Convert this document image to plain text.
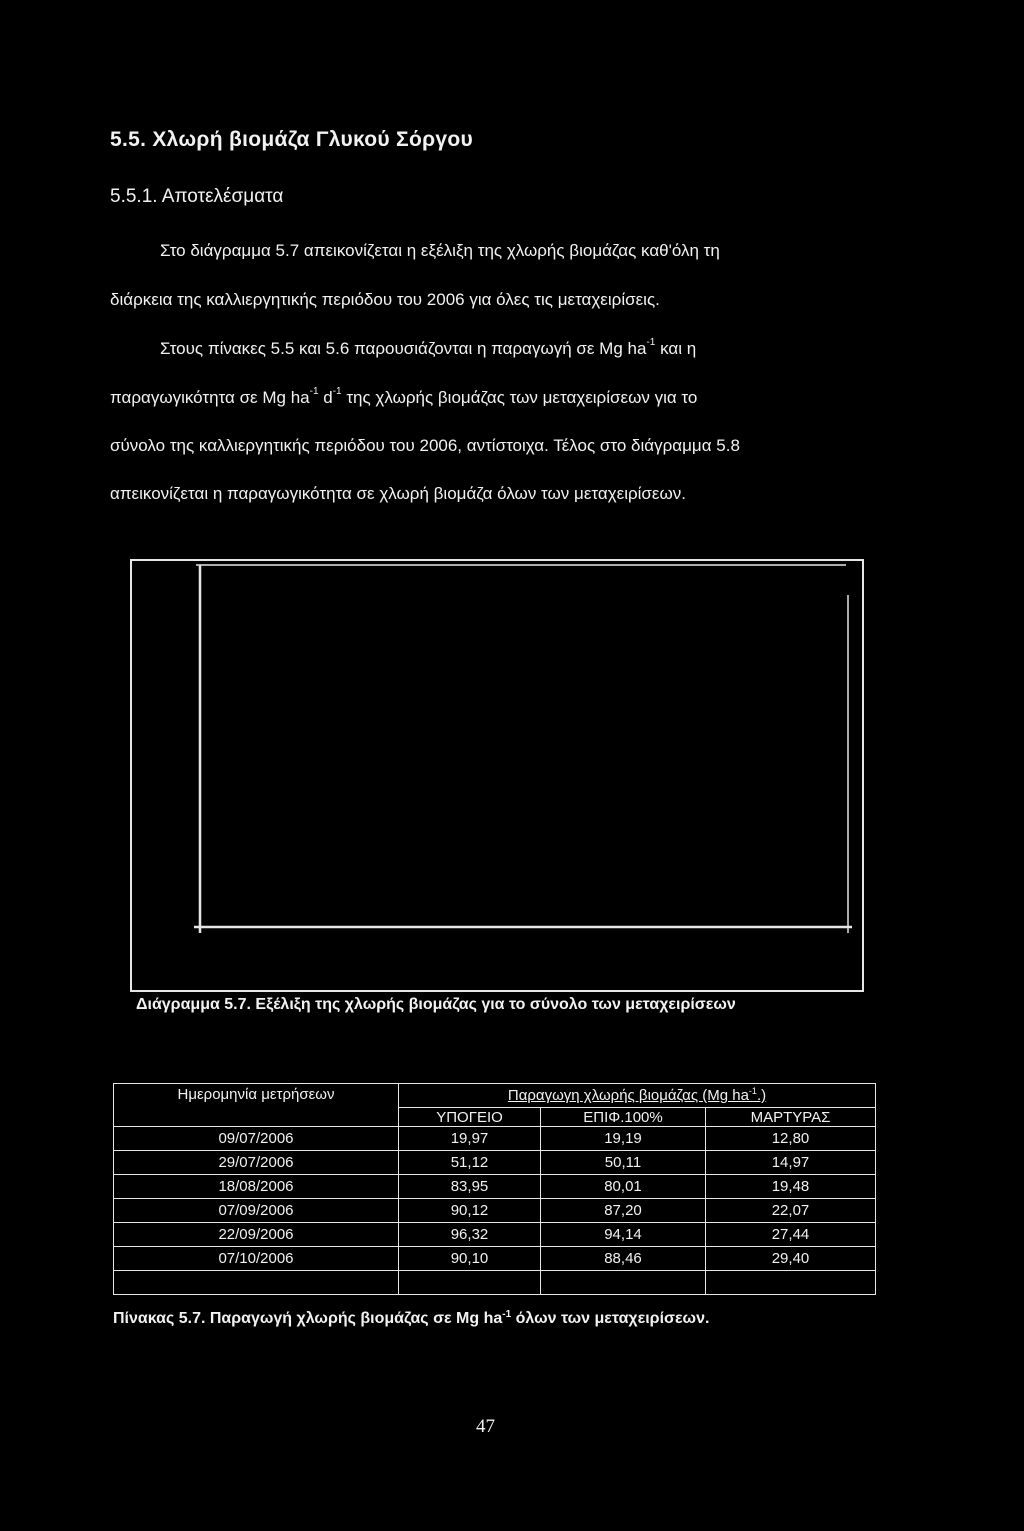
5.5. Χλωρή βιομάζα Γλυκού Σόργου
5.5.1. Αποτελέσματα
Στο διάγραμμα 5.7 απεικονίζεται η εξέλιξη της χλωρής βιομάζας καθ'όλη τη
διάρκεια της καλλιεργητικής περιόδου του 2006 για όλες τις μεταχειρίσεις.
Στους πίνακες 5.5 και 5.6 παρουσιάζονται η παραγωγή σε Mg $ha^{-1}$ και η
παραγωγικότητα σε Mg $ha^{-1}$ $d^{-1}$ της χλωρής βιομάζας των μεταχειρίσεων για το
σύνολο της καλλιεργητικής περιόδου του 2006, αντίστοιχα. Τέλος στο διάγραμμα 5.8
απεικονίζεται η παραγωγικότητα σε χλωρή βιομάζα όλων των μεταχειρίσεων.
Διάγραμμα 5.7. Εξέλιξη της χλωρής βιομάζας για το σύνολο των μεταχειρίσεων
Ημερομηνία μετρήσεων	Παραγωγη χλωρής βιομάζας (Mg $ha^{-1}$.)		
	ΥΠΟΓΕΙΟ	ΕΠΙΦ.100%	ΜΑΡΤΥΡΑΣ
09/07/2006	19,97	19,19	12,80
29/07/2006	51,12	50,11	14,97
18/08/2006	83,95	80,01	19,48
07/09/2006	90,12	87,20	22,07
22/09/2006	96,32	94,14	27,44
07/10/2006	90,10	88,46	29,40

Πίνακας 5.7. Παραγωγή χλωρής βιομάζας σε Mg $ha^{-1}$ όλων των μεταχειρίσεων.
47
